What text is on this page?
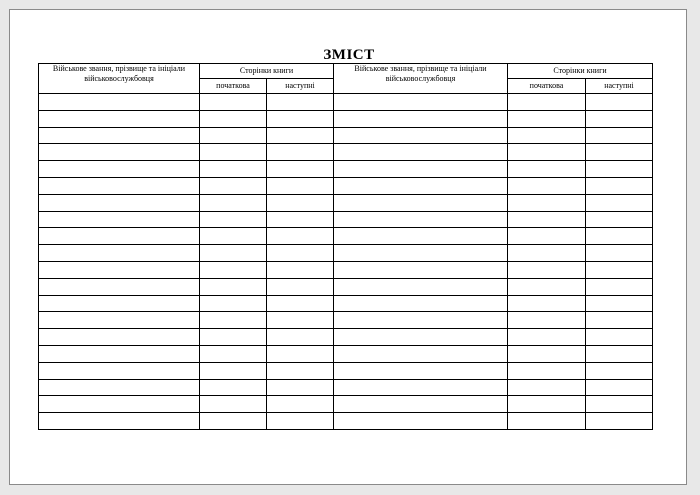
ЗМІСТ
Військове звання, прізвище та ініціали військовослужбовця	Сторінки книги		Військове звання, прізвище та ініціали військовослужбовця	Сторінки книги	
	початкова	наступні		початкова	наступні
